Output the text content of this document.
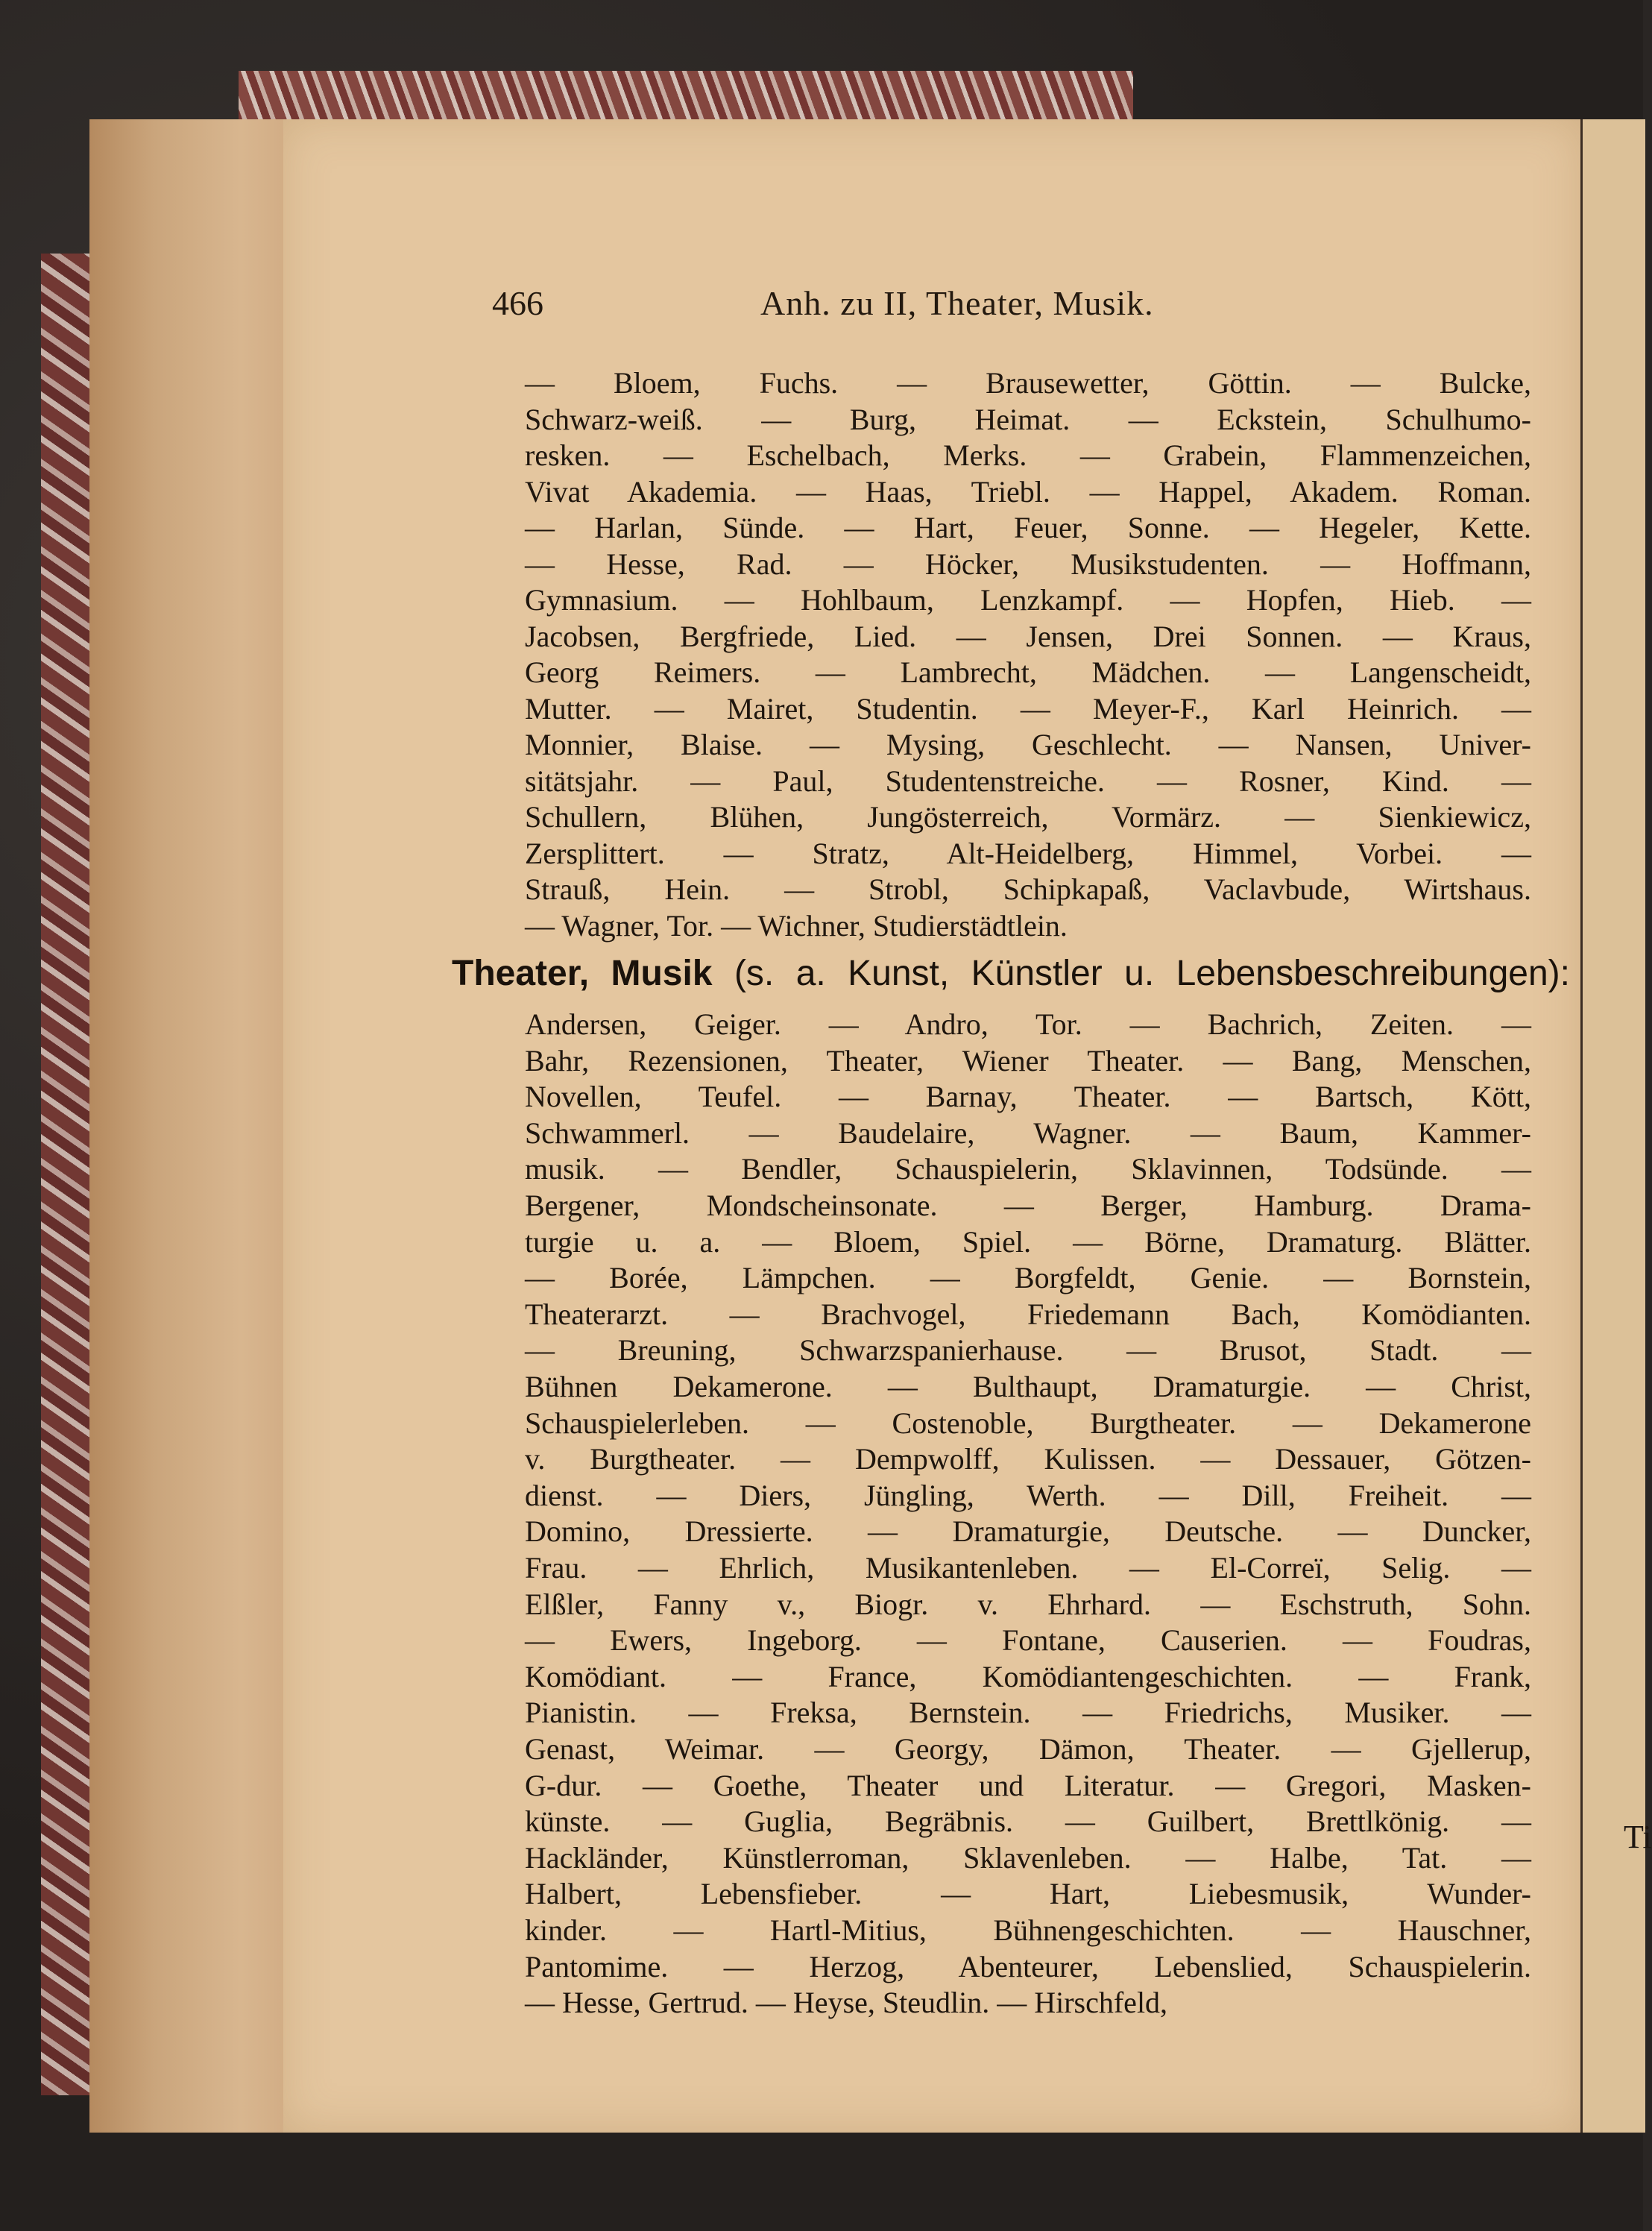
Ti
466	Anh. zu II, Theater, Musik.
— Bloem, Fuchs. — Brausewetter, Göttin. — Bulcke,
Schwarz-weiß. — Burg, Heimat. — Eckstein, Schulhumo-
resken. — Eschelbach, Merks. — Grabein, Flammenzeichen,
Vivat Akademia. — Haas, Triebl. — Happel, Akadem. Roman.
— Harlan, Sünde. — Hart, Feuer, Sonne. — Hegeler, Kette.
— Hesse, Rad. — Höcker, Musikstudenten. — Hoffmann,
Gymnasium. — Hohlbaum, Lenzkampf. — Hopfen, Hieb. —
Jacobsen, Bergfriede, Lied. — Jensen, Drei Sonnen. — Kraus,
Georg Reimers. — Lambrecht, Mädchen. — Langenscheidt,
Mutter. — Mairet, Studentin. — Meyer-F., Karl Heinrich. —
Monnier, Blaise. — Mysing, Geschlecht. — Nansen, Univer-
sitätsjahr. — Paul, Studentenstreiche. — Rosner, Kind. —
Schullern, Blühen, Jungösterreich, Vormärz. — Sienkiewicz,
Zersplittert. — Stratz, Alt-Heidelberg, Himmel, Vorbei. —
Strauß, Hein. — Strobl, Schipkapaß, Vaclavbude, Wirtshaus.
— Wagner, Tor. — Wichner, Studierstädtlein.
Theater, Musik (s. a. Kunst, Künstler u. Lebensbeschreibungen):
Andersen, Geiger. — Andro, Tor. — Bachrich, Zeiten. —
Bahr, Rezensionen, Theater, Wiener Theater. — Bang, Menschen,
Novellen, Teufel. — Barnay, Theater. — Bartsch, Kött,
Schwammerl. — Baudelaire, Wagner. — Baum, Kammer-
musik. — Bendler, Schauspielerin, Sklavinnen, Todsünde. —
Bergener, Mondscheinsonate. — Berger, Hamburg. Drama-
turgie u. a. — Bloem, Spiel. — Börne, Dramaturg. Blätter.
— Borée, Lämpchen. — Borgfeldt, Genie. — Bornstein,
Theaterarzt. — Brachvogel, Friedemann Bach, Komödianten.
— Breuning, Schwarzspanierhause. — Brusot, Stadt. —
Bühnen Dekamerone. — Bulthaupt, Dramaturgie. — Christ,
Schauspielerleben. — Costenoble, Burgtheater. — Dekamerone
v. Burgtheater. — Dempwolff, Kulissen. — Dessauer, Götzen-
dienst. — Diers, Jüngling, Werth. — Dill, Freiheit. —
Domino, Dressierte. — Dramaturgie, Deutsche. — Duncker,
Frau. — Ehrlich, Musikantenleben. — El-Correï, Selig. —
Elßler, Fanny v., Biogr. v. Ehrhard. — Eschstruth, Sohn.
— Ewers, Ingeborg. — Fontane, Causerien. — Foudras,
Komödiant. — France, Komödiantengeschichten. — Frank,
Pianistin. — Freksa, Bernstein. — Friedrichs, Musiker. —
Genast, Weimar. — Georgy, Dämon, Theater. — Gjellerup,
G-dur. — Goethe, Theater und Literatur. — Gregori, Masken-
künste. — Guglia, Begräbnis. — Guilbert, Brettlkönig. —
Hackländer, Künstlerroman, Sklavenleben. — Halbe, Tat. —
Halbert, Lebensfieber. — Hart, Liebesmusik, Wunder-
kinder. — Hartl-Mitius, Bühnengeschichten. — Hauschner,
Pantomime. — Herzog, Abenteurer, Lebenslied, Schauspielerin.
— Hesse, Gertrud. — Heyse, Steudlin. — Hirschfeld,
